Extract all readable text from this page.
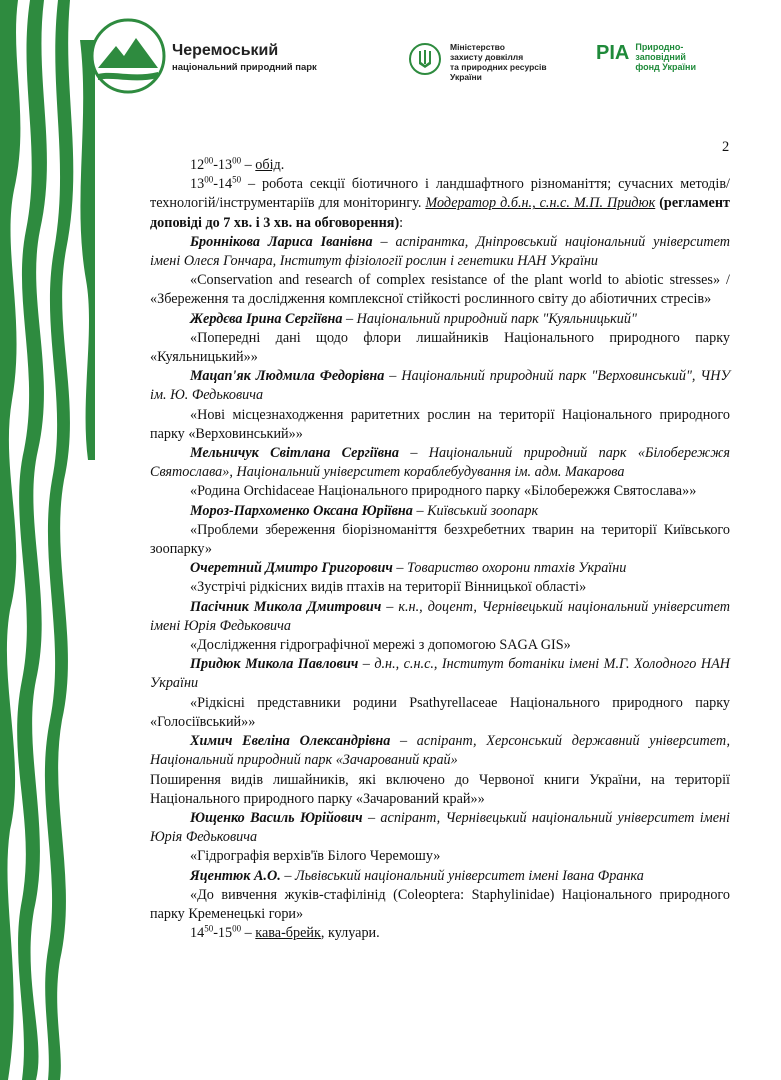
Черемоський
національний природний парк
Міністерство
захисту довкілля
та природних ресурсів
України
РІА Природно-
заповідний
фонд України
2

$12^{00}-13^{00}$ – обід.

$13^{00}-14^{50}$ – робота секції біотичного і ландшафтного різноманіття; сучасних методів/технологій/інструментаріїв для моніторингу. Модератор д.б.н., с.н.с. М.П. Придюк (регламент доповіді до 7 хв. і 3 хв. на обговорення):

Броннікова Лариса Іванівна – аспірантка, Дніпровський національний університет імені Олеся Гончара, Інститут фізіології рослин і генетики НАН України

«Conservation and research of complex resistance of the plant world to abiotic stresses» / «Збереження та дослідження комплексної стійкості рослинного світу до абіотичних стресів»

Жердєва Ірина Сергіївна – Національний природний парк "Куяльницький"

«Попередні дані щодо флори лишайників Національного природного парку «Куяльницький»»

Мацап'як Людмила Федорівна – Національний природний парк "Верховинський", ЧНУ ім. Ю. Федьковича

«Нові місцезнаходження раритетних рослин на території Національного природного парку «Верховинський»»

Мельничук Світлана Сергіївна – Національний природний парк «Білобережжя Святослава», Національний університет кораблебудування ім. адм. Макарова

«Родина Orchidaceae Національного природного парку «Білобережжя Святослава»»

Мороз-Пархоменко Оксана Юріївна – Київський зоопарк

«Проблеми збереження біорізноманіття безхребетних тварин на території Київського зоопарку»

Очеретний Дмитро Григорович – Товариство охорони птахів України

«Зустрічі рідкісних видів птахів на території Вінницької області»

Пасічник Микола Дмитрович – к.н., доцент, Чернівецький національний університет імені Юрія Федьковича

«Дослідження гідрографічної мережі з допомогою SAGA GIS»

Придюк Микола Павлович – д.н., с.н.с., Інститут ботаніки імені М.Г. Холодного НАН України

«Рідкісні представники родини Psathyrellaceae Національного природного парку «Голосіївський»»

Химич Евеліна Олександрівна – аспірант, Херсонський державний університет, Національний природний парк «Зачарований край»

Поширення видів лишайників, які включено до Червоної книги України, на території Національного природного парку «Зачарований край»»

Ющенко Василь Юрійович – аспірант, Чернівецький національний університет імені Юрія Федьковича

«Гідрографія верхів'їв Білого Черемошу»

Яцентюк А.О. – Львівський національний університет імені Івана Франка

«До вивчення жуків-стафілінід (Coleoptera: Staphylinidae) Національного природного парку Кременецькі гори»

$14^{50}-15^{00}$ – кава-брейк, кулуари.
